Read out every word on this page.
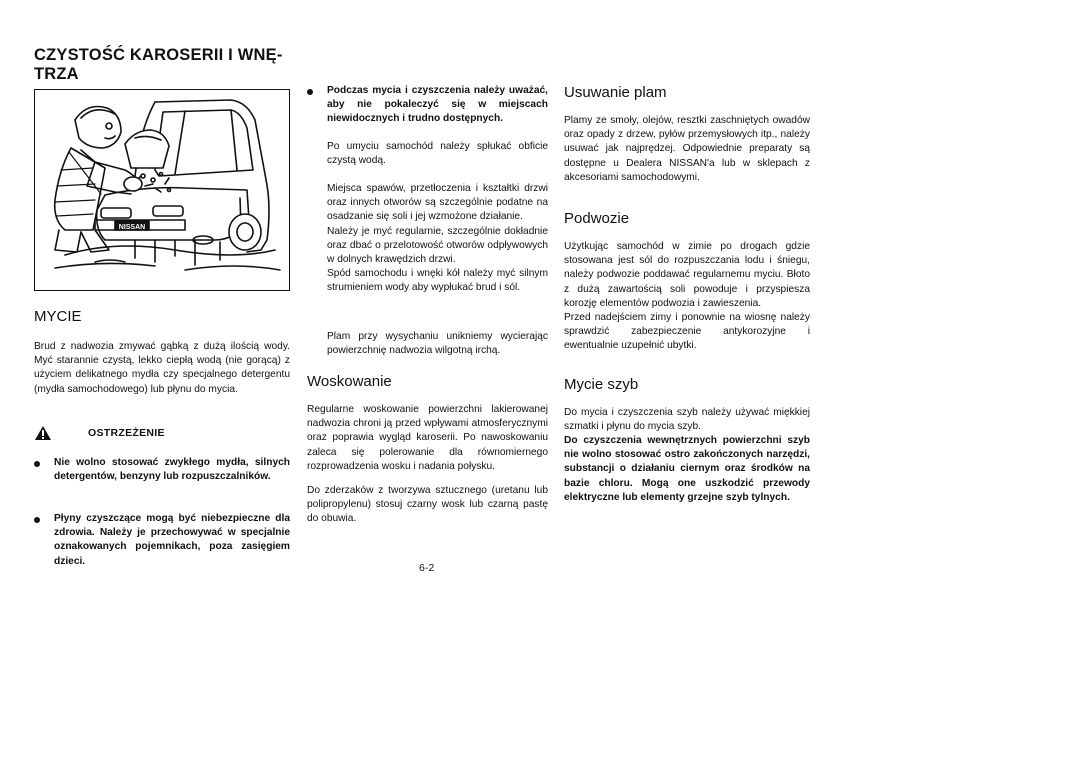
CZYSTOŚĆ KAROSERII I WNĘ-
TRZA
NISSAN
MYCIE

Brud z nadwozia zmywać gąbką z dużą ilością wody. Myć starannie czystą, lekko ciepłą wodą (nie gorącą) z użyciem delikatnego mydła czy specjalnego detergentu (mydła samochodowego) lub płynu do mycia.

OSTRZEŻENIE
Nie wolno stosować zwykłego mydła, silnych detergentów, benzyny lub rozpuszczalników.
Płyny czyszczące mogą być niebezpieczne dla zdrowia. Należy je przechowywać w specjalnie oznakowanych pojemnikach, poza zasięgiem dzieci.
Podczas mycia i czyszczenia należy uważać, aby nie pokaleczyć się w miejscach niewidocznych i trudno dostępnych.

Po umyciu samochód należy spłukać obficie czystą wodą.

Miejsca spawów, przetłoczenia i kształtki drzwi oraz innych otworów są szczególnie podatne na osadzanie się soli i jej wzmożone działanie.
Należy je myć regularnie, szczególnie dokładnie oraz dbać o przelotowość otworów odpływowych w dolnych krawędzich drzwi.
Spód samochodu i wnęki kół należy myć silnym strumieniem wody aby wypłukać brud i sól.

Plam przy wysychaniu unikniemy wycierając powierzchnię nadwozia wilgotną irchą.

Woskowanie

Regularne woskowanie powierzchni lakierowanej nadwozia chroni ją przed wpływami atmosferycznymi oraz poprawia wygląd karoserii. Po nawoskowaniu zaleca się polerowanie dla równomiernego rozprowadzenia wosku i nadania połysku.

Do zderzaków z tworzywa sztucznego (uretanu lub polipropylenu) stosuj czarny wosk lub czarną pastę do obuwia.

6-2
Usuwanie plam

Plamy ze smoły, olejów, resztki zaschniętych owadów oraz opady z drzew, pyłów przemysłowych itp., należy usuwać jak najprędzej. Odpowiednie preparaty są dostępne u Dealera NISSAN'a lub w sklepach z akcesoriami samochodowymi.

Podwozie

Użytkując samochód w zimie po drogach gdzie stosowana jest sól do rozpuszczania lodu i śniegu, należy podwozie poddawać regularnemu myciu. Błoto z dużą zawartością soli powoduje i przyspiesza korozję elementów podwozia i zawieszenia.
Przed nadejściem zimy i ponownie na wiosnę należy sprawdzić zabezpieczenie antykorozyjne i ewentualnie uzupełnić ubytki.

Mycie szyb

Do mycia i czyszczenia szyb należy używać miękkiej szmatki i płynu do mycia szyb.

Do czyszczenia wewnętrznych powierzchni szyb nie wolno stosować ostro zakończonych narzędzi, substancji o działaniu ciernym oraz środków na bazie chloru. Mogą one uszkodzić przewody elektryczne lub elementy grzejne szyb tylnych.
